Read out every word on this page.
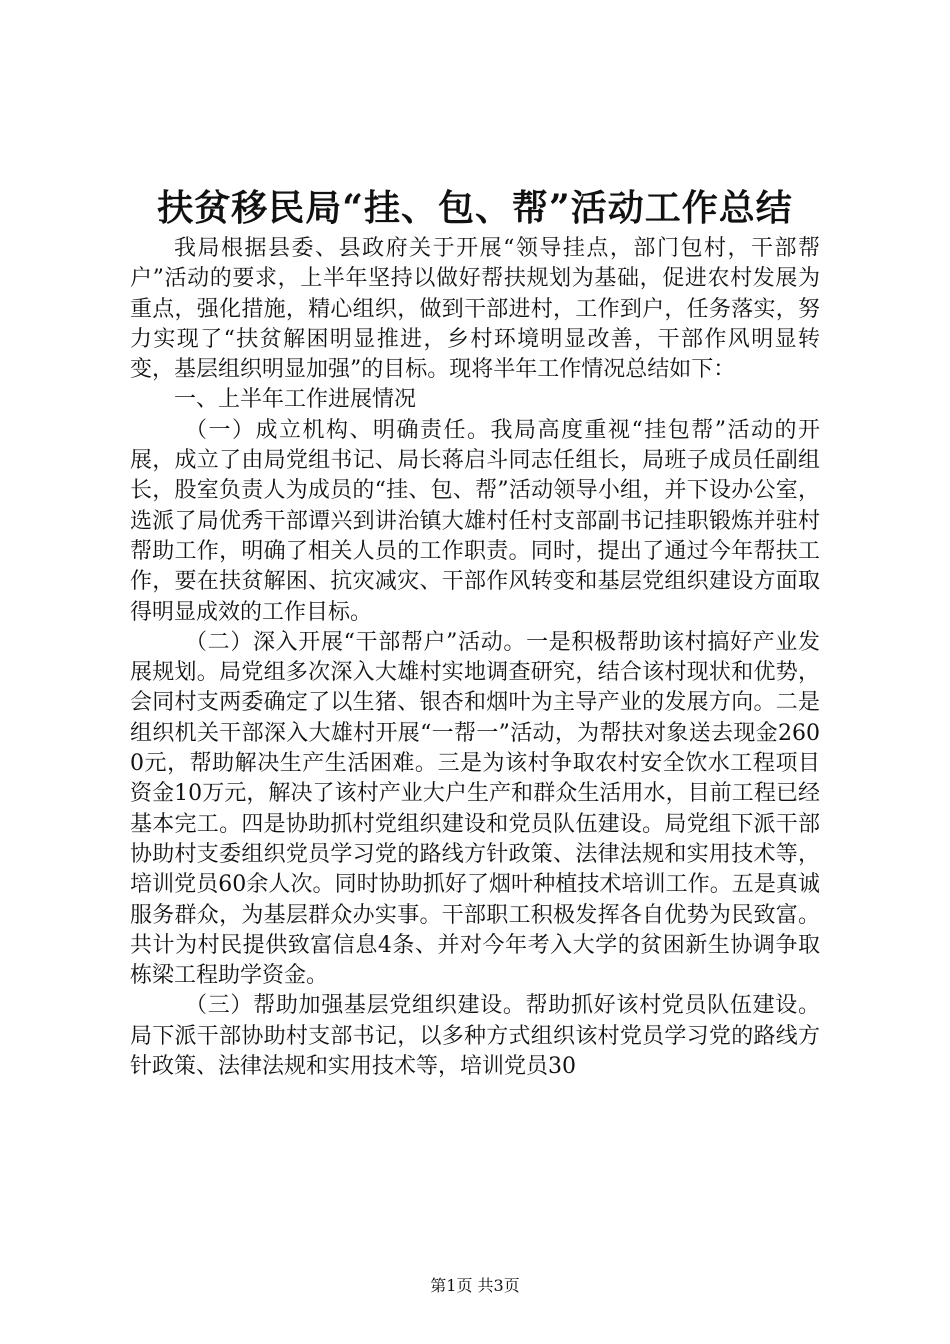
扶贫移民局“挂、包、帮”活动工作总结

我局根据县委、县政府关于开展“领导挂点，部门包村，干部帮户”活动的要求，上半年坚持以做好帮扶规划为基础，促进农村发展为重点，强化措施，精心组织，做到干部进村，工作到户，任务落实，努力实现了“扶贫解困明显推进，乡村环境明显改善，干部作风明显转变，基层组织明显加强”的目标。现将半年工作情况总结如下：

一、上半年工作进展情况

（一）成立机构、明确责任。我局高度重视“挂包帮”活动的开展，成立了由局党组书记、局长蒋启斗同志任组长，局班子成员任副组长，股室负责人为成员的“挂、包、帮”活动领导小组，并下设办公室，选派了局优秀干部谭兴到讲治镇大雄村任村支部副书记挂职锻炼并驻村帮助工作，明确了相关人员的工作职责。同时，提出了通过今年帮扶工作，要在扶贫解困、抗灾减灾、干部作风转变和基层党组织建设方面取得明显成效的工作目标。

（二）深入开展“干部帮户”活动。一是积极帮助该村搞好产业发展规划。局党组多次深入大雄村实地调查研究，结合该村现状和优势，会同村支两委确定了以生猪、银杏和烟叶为主导产业的发展方向。二是组织机关干部深入大雄村开展“一帮一”活动，为帮扶对象送去现金2600元，帮助解决生产生活困难。三是为该村争取农村安全饮水工程项目资金10万元，解决了该村产业大户生产和群众生活用水，目前工程已经基本完工。四是协助抓村党组织建设和党员队伍建设。局党组下派干部协助村支委组织党员学习党的路线方针政策、法律法规和实用技术等，培训党员60余人次。同时协助抓好了烟叶种植技术培训工作。五是真诚服务群众，为基层群众办实事。干部职工积极发挥各自优势为民致富。共计为村民提供致富信息4条、并对今年考入大学的贫困新生协调争取栋梁工程助学资金。

（三）帮助加强基层党组织建设。帮助抓好该村党员队伍建设。局下派干部协助村支部书记，以多种方式组织该村党员学习党的路线方针政策、法律法规和实用技术等，培训党员30

第1页 共3页
